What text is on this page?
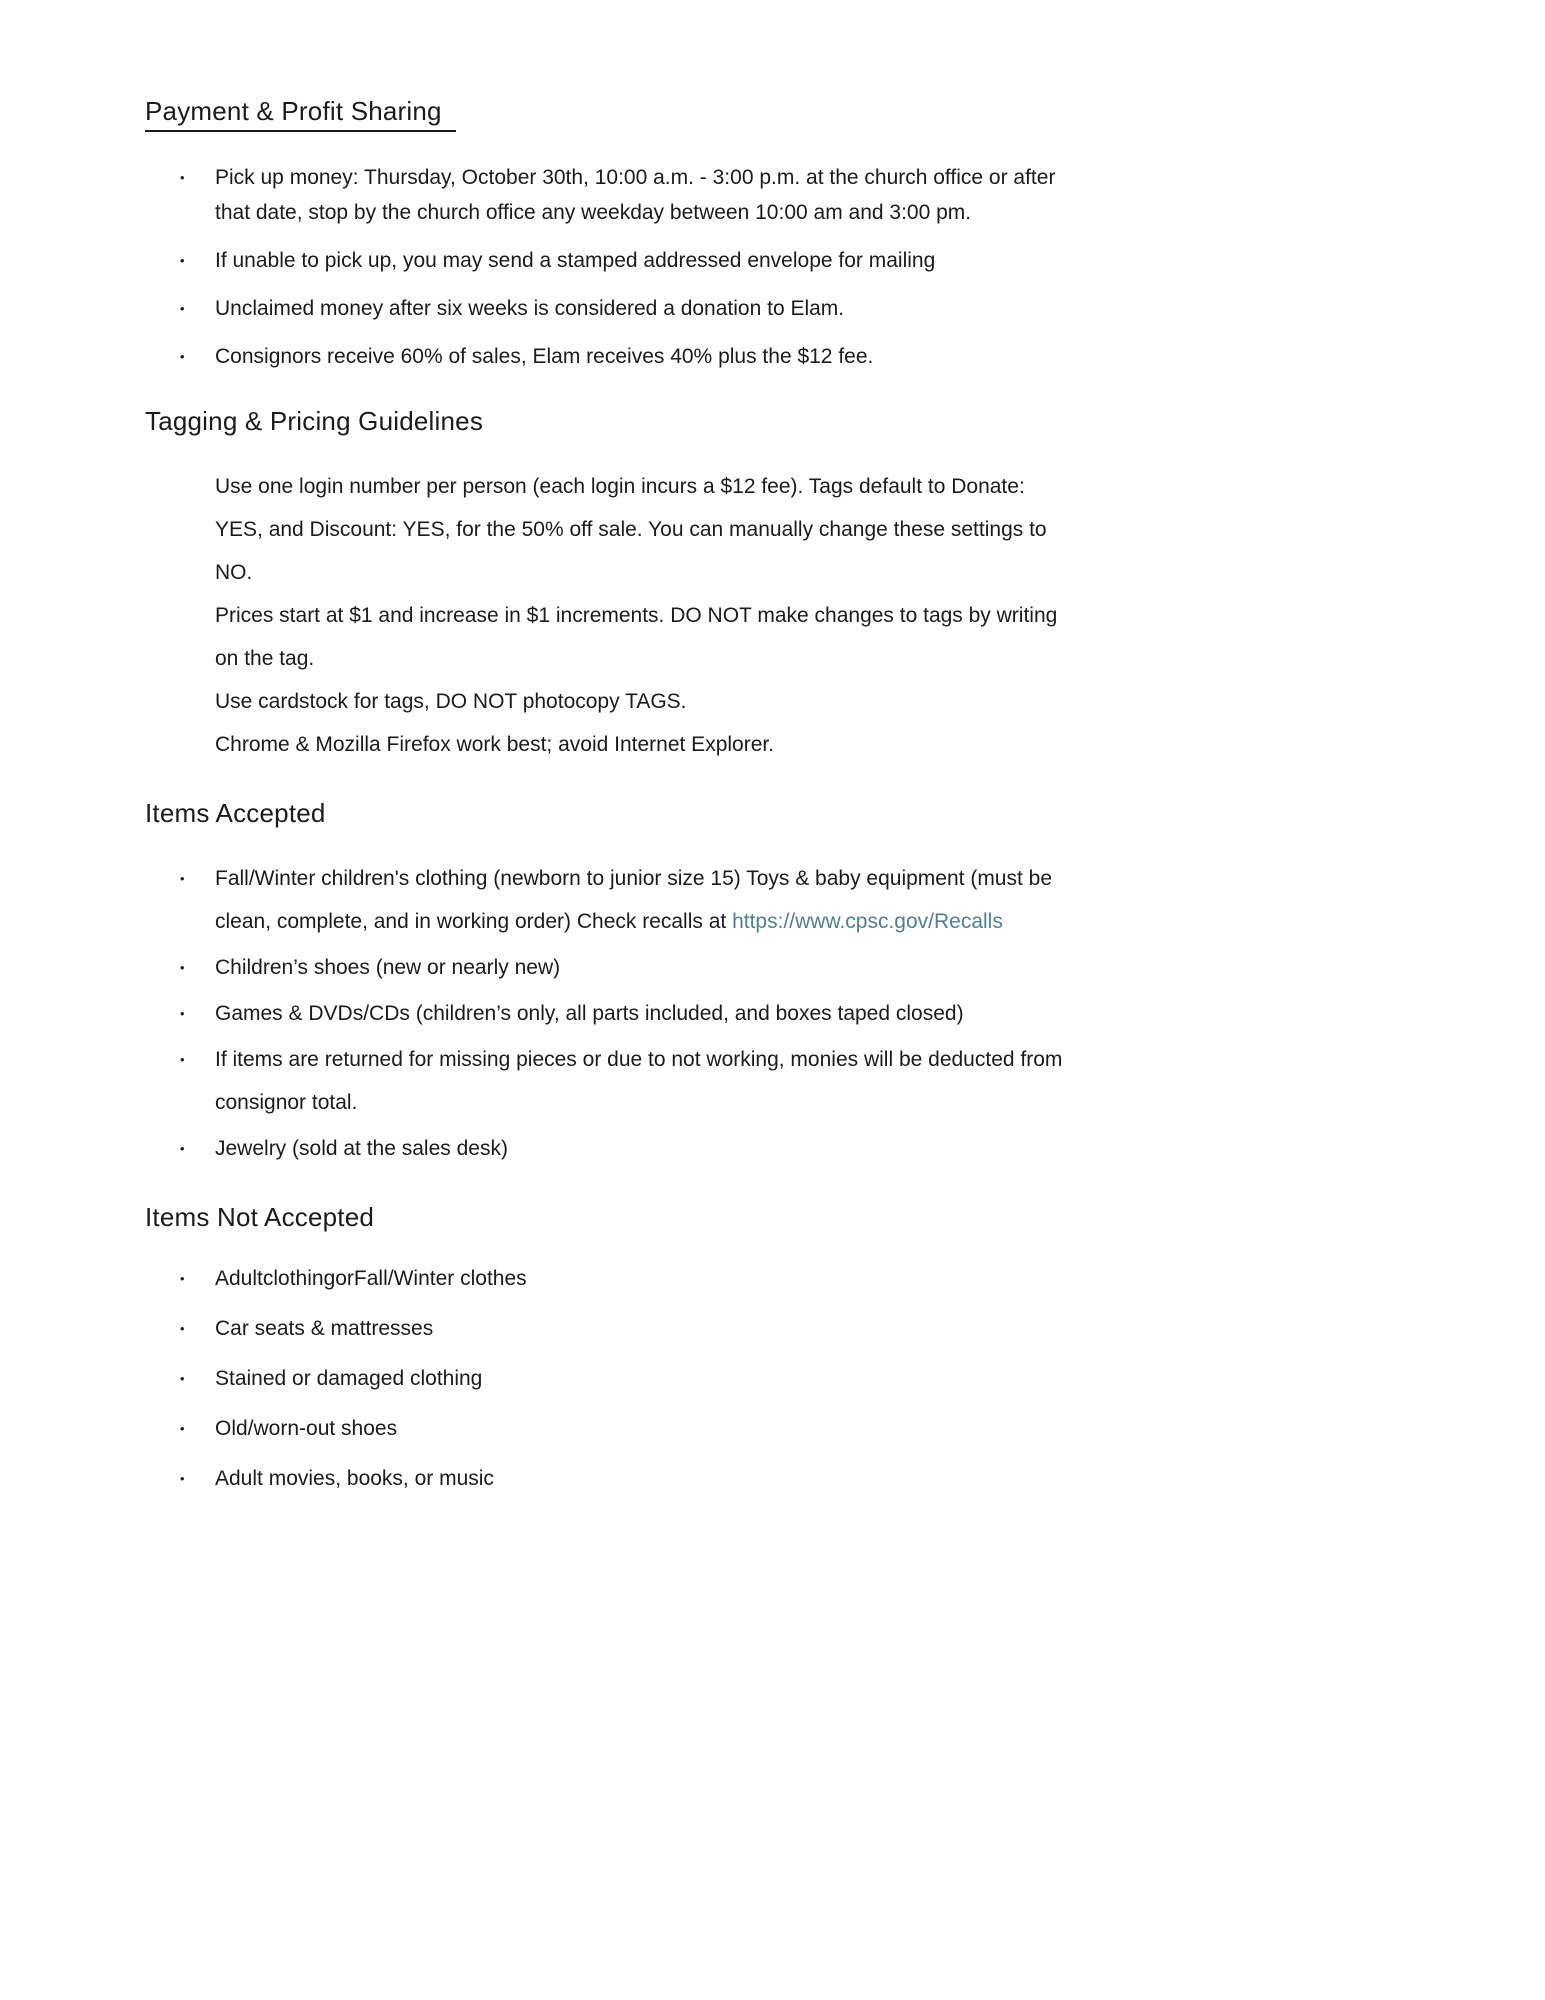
Payment & Profit Sharing
•	Pick up money: Thursday, October 30th, 10:00 a.m. - 3:00 p.m. at the church office or after that date, stop by the church office any weekday between 10:00 am and 3:00 pm.
•	If unable to pick up, you may send a stamped addressed envelope for mailing
•	Unclaimed money after six weeks is considered a donation to Elam.
•	Consignors receive 60% of sales, Elam receives 40% plus the $12 fee.
Tagging & Pricing Guidelines

Use one login number per person (each login incurs a $12 fee). Tags default to Donate: YES, and Discount: YES, for the 50% off sale. You can manually change these settings to NO.

Prices start at $1 and increase in $1 increments. DO NOT make changes to tags by writing on the tag.

Use cardstock for tags, DO NOT photocopy TAGS.

Chrome & Mozilla Firefox work best; avoid Internet Explorer.

Items Accepted
•	Fall/Winter children's clothing (newborn to junior size 15) Toys & baby equipment (must be clean, complete, and in working order) Check recalls at https://www.cpsc.gov/Recalls
•	Children’s shoes (new or nearly new)
•	Games & DVDs/CDs (children’s only, all parts included, and boxes taped closed)
•	If items are returned for missing pieces or due to not working, monies will be deducted from consignor total.
•	Jewelry (sold at the sales desk)
Items Not Accepted
•	AdultclothingorFall/Winter clothes
•	Car seats & mattresses
•	Stained or damaged clothing
•	Old/worn-out shoes
•	Adult movies, books, or music
